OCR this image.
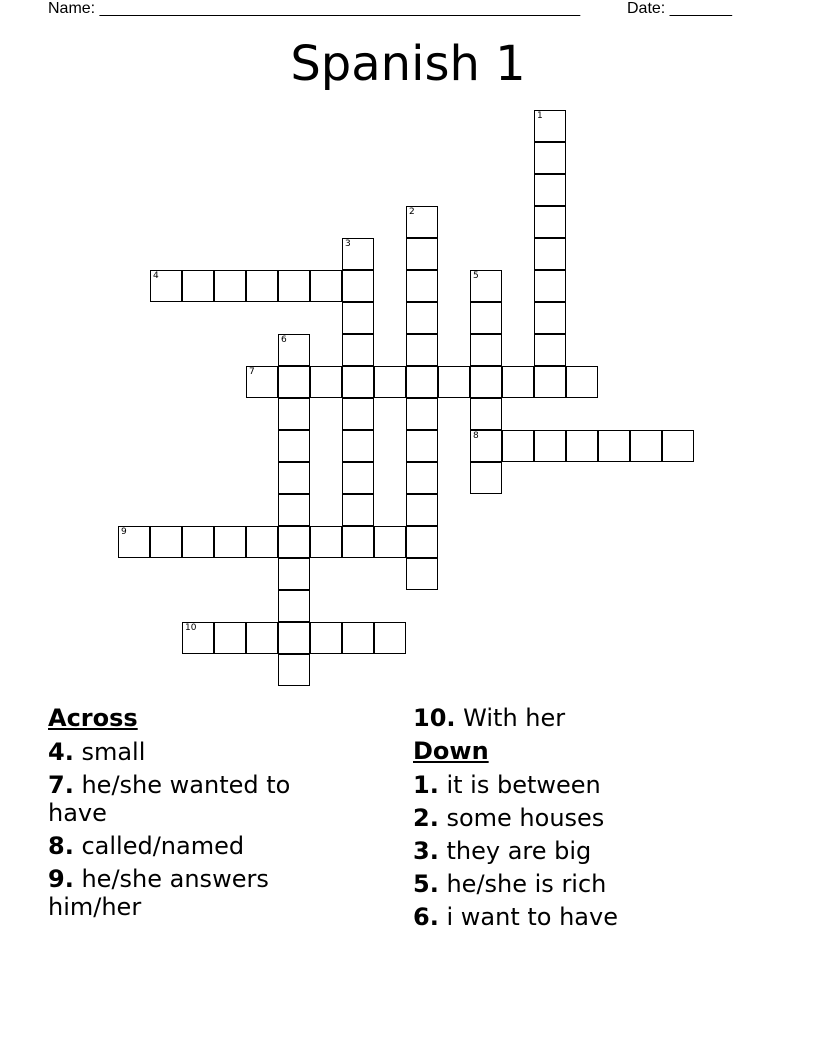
Name: ______________________________________________________	Date: _______
Spanish 1
1
2
3
4	5
8
6
7
9
10
Across
4. small
7. he/she wanted to have
8. called/named
9. he/she answers him/her
10. With her
Down
1. it is between
2. some houses
3. they are big
5. he/she is rich
6. i want to have
